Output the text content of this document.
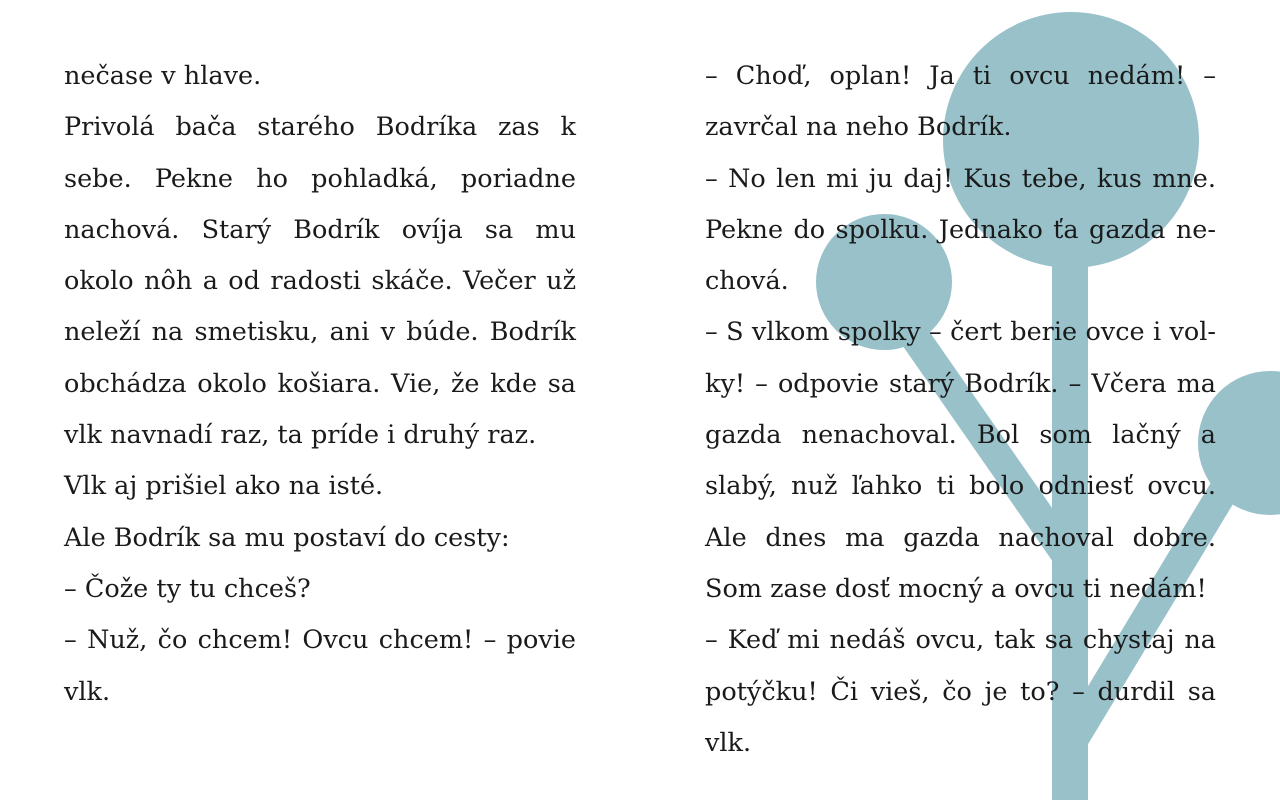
nečase v hlave.

Privolá bača starého Bodríka zas k sebe. Pekne ho pohladká, poriadne nachová. Starý Bodrík ovíja sa mu okolo nôh a od radosti skáče. Večer už neleží na smetisku, ani v búde. Bodrík obchádza okolo košiara. Vie, že kde sa vlk navnadí raz, ta príde i druhý raz.

Vlk aj prišiel ako na isté.

Ale Bodrík sa mu postaví do cesty:

– Čože ty tu chceš?

– Nuž, čo chcem! Ovcu chcem! – povie vlk.

– Choď, oplan! Ja ti ovcu nedám! – zavrčal na neho Bodrík.

– No len mi ju daj! Kus tebe, kus mne. Pekne do spolku. Jednako ťa gazda nechová.

– S vlkom spolky – čert berie ovce i volky! – odpovie starý Bodrík. – Včera ma gazda nenachoval. Bol som lačný a slabý, nuž ľahko ti bolo odniesť ovcu. Ale dnes ma gazda nachoval dobre. Som zase dosť mocný a ovcu ti nedám!

– Keď mi nedáš ovcu, tak sa chystaj na potýčku! Či vieš, čo je to? – durdil sa vlk.
